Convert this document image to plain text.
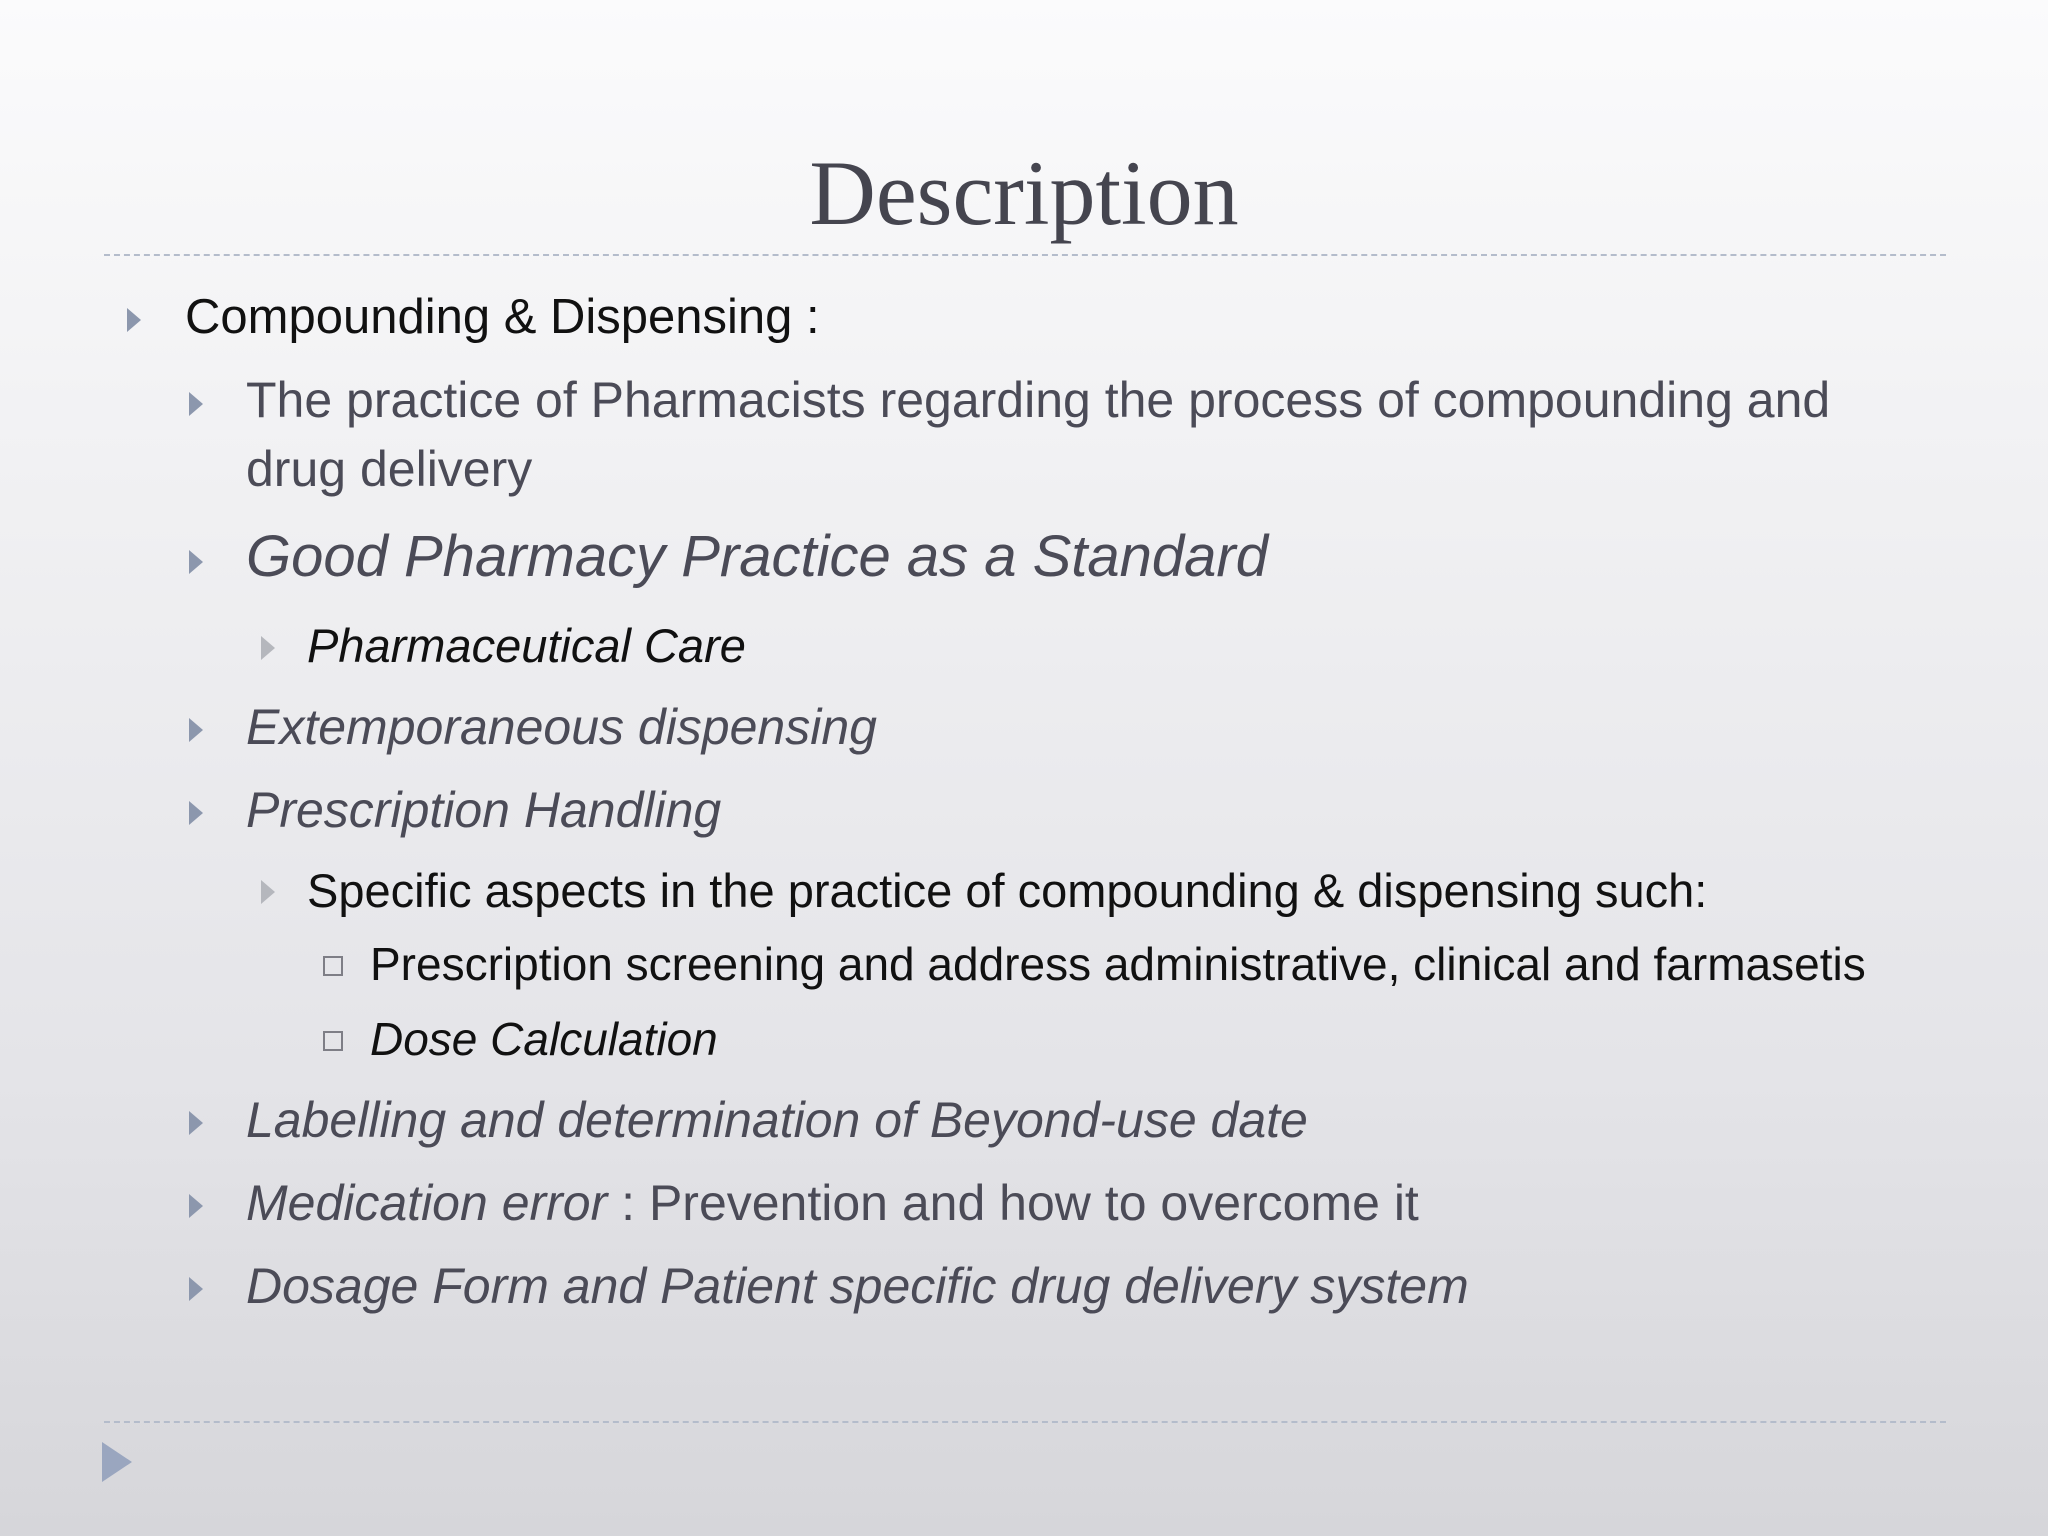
Description
Compounding & Dispensing :
The practice of Pharmacists regarding the process of compounding and
drug delivery
Good Pharmacy Practice as a Standard
Pharmaceutical Care
Extemporaneous dispensing
Prescription Handling
Specific aspects in the practice of compounding & dispensing such:
Prescription screening and address administrative, clinical and farmasetis
Dose Calculation
Labelling and determination of Beyond-use date
Medication error : Prevention and how to overcome it
Dosage Form and Patient specific drug delivery system
